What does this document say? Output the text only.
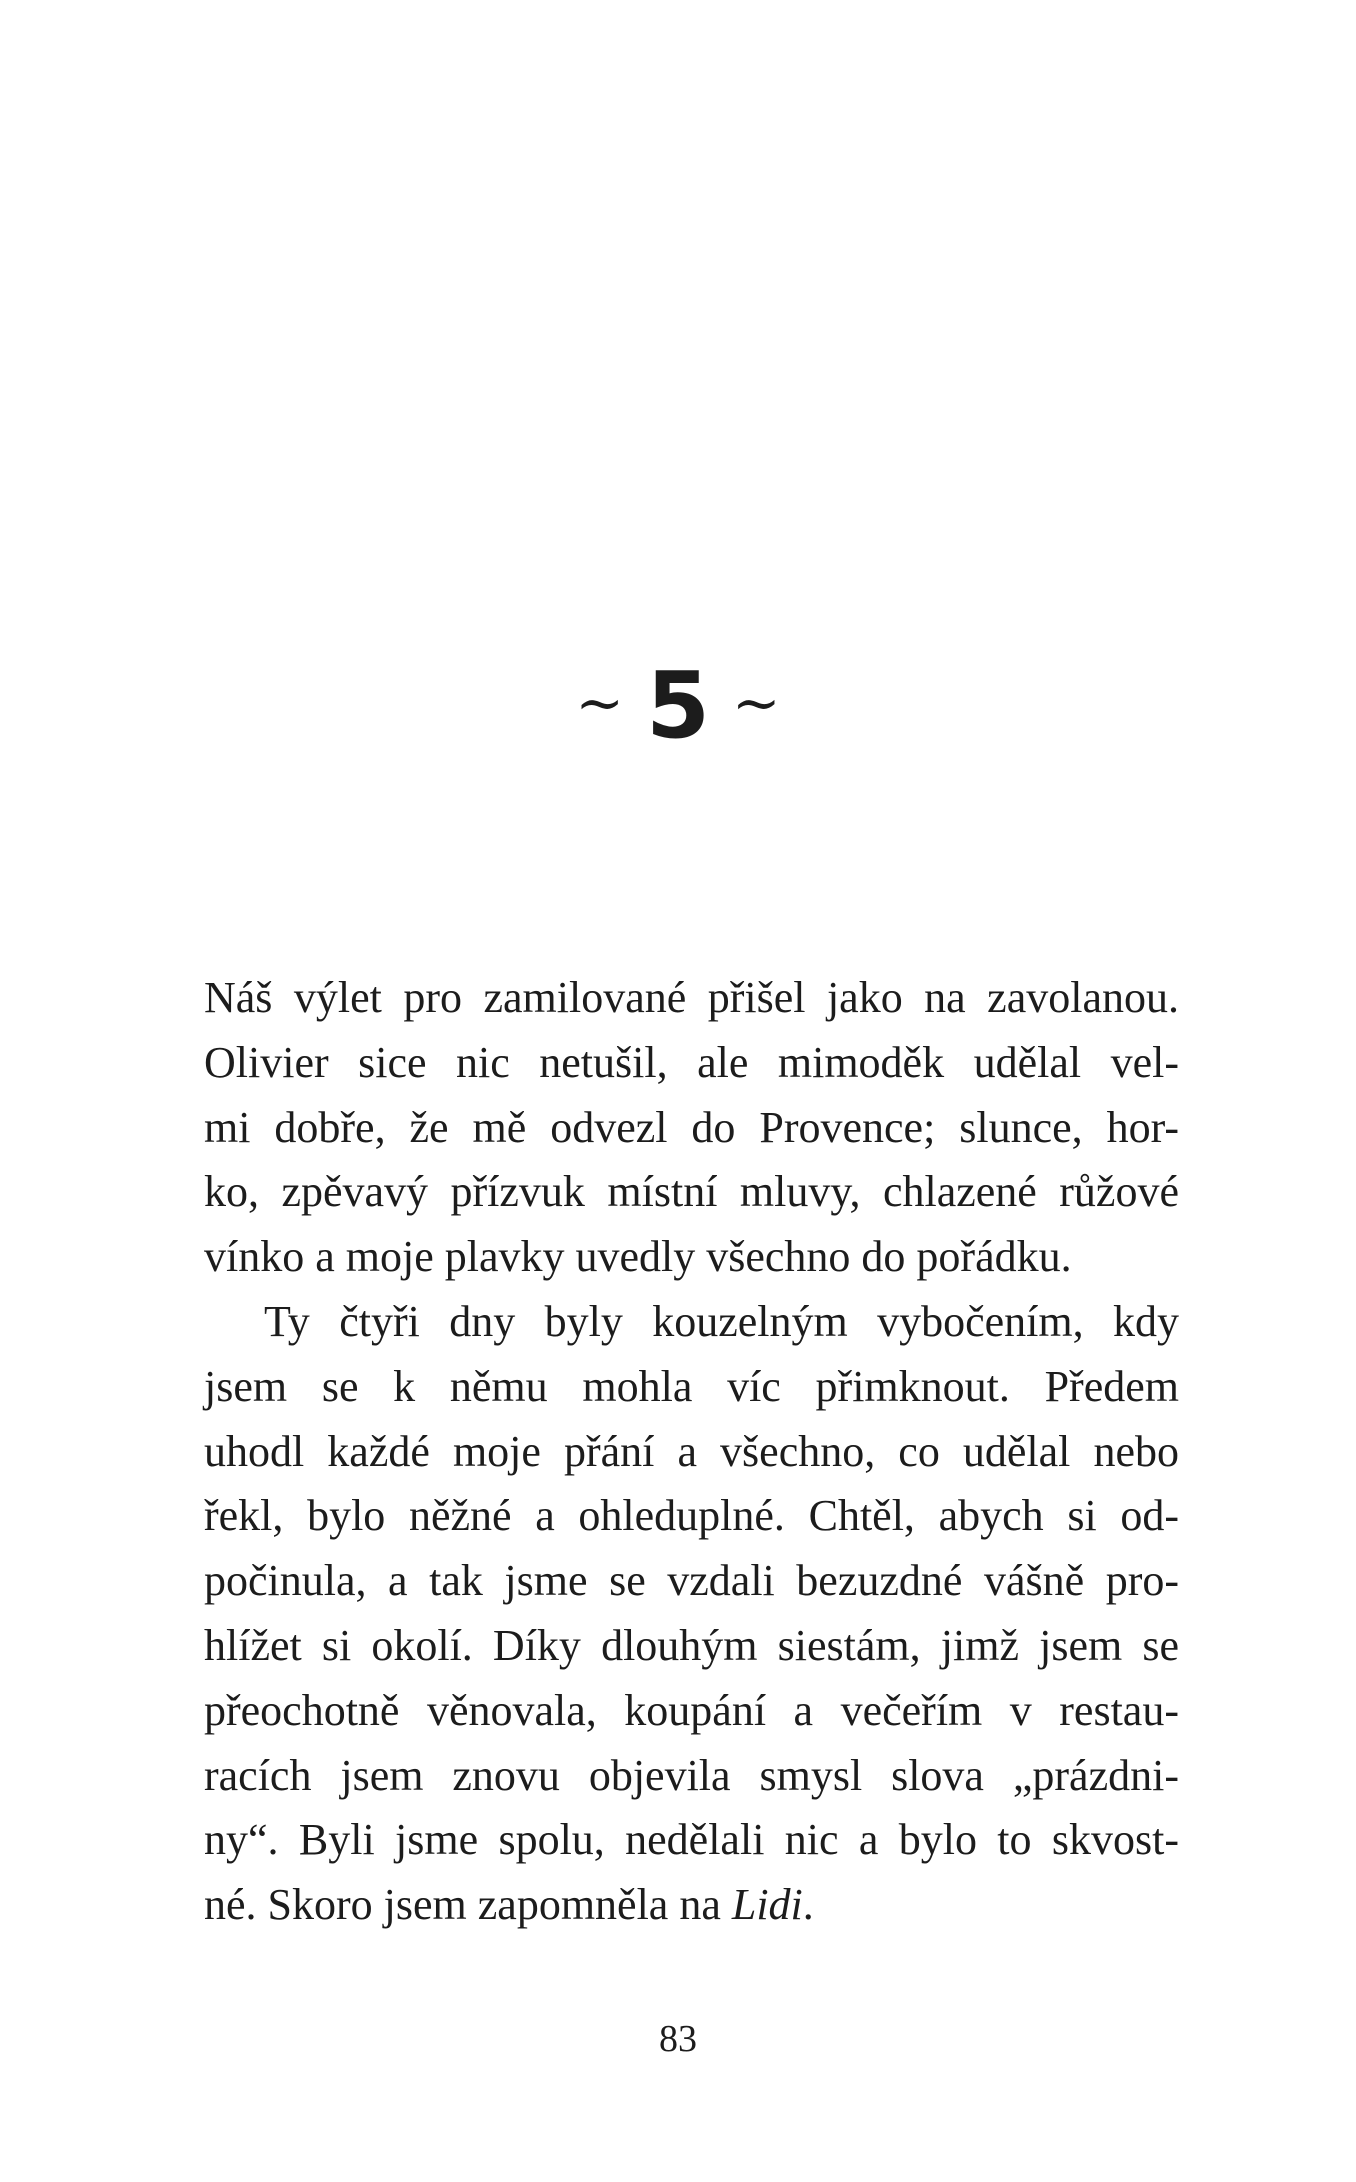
~ 5 ~
Náš výlet pro zamilované přišel jako na zavolanou.
Olivier sice nic netušil, ale mimoděk udělal vel-
mi dobře, že mě odvezl do Provence; slunce, hor-
ko, zpěvavý přízvuk místní mluvy, chlazené růžové
vínko a moje plavky uvedly všechno do pořádku.
Ty čtyři dny byly kouzelným vybočením, kdy
jsem se k němu mohla víc přimknout. Předem
uhodl každé moje přání a všechno, co udělal nebo
řekl, bylo něžné a ohleduplné. Chtěl, abych si od-
počinula, a tak jsme se vzdali bezuzdné vášně pro-
hlížet si okolí. Díky dlouhým siestám, jimž jsem se
přeochotně věnovala, koupání a večeřím v restau-
racích jsem znovu objevila smysl slova „prázdni-
ny“. Byli jsme spolu, nedělali nic a bylo to skvost-
né. Skoro jsem zapomněla na Lidi.
83
